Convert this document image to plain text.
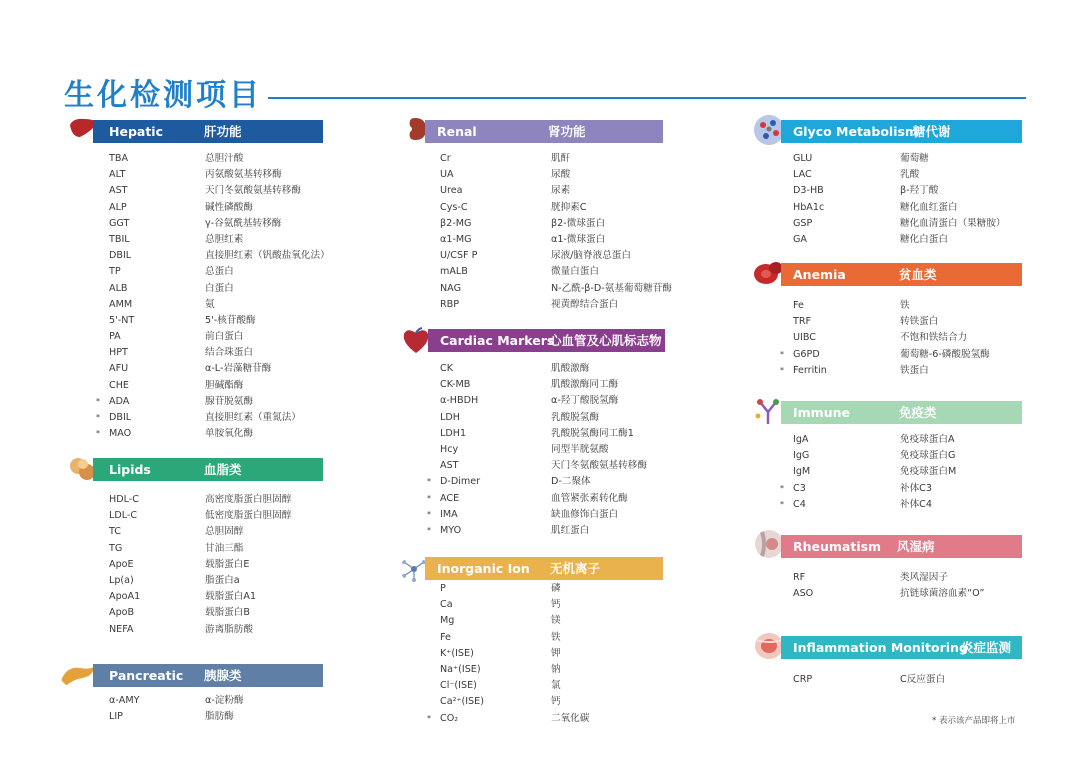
生化检测项目
Hepatic	肝功能
TBA	总胆汁酸
ALT	丙氨酸氨基转移酶
AST	天门冬氨酸氨基转移酶
ALP	碱性磷酸酶
GGT	γ-谷氨酰基转移酶
TBIL	总胆红素
DBIL	直接胆红素（钒酸盐氧化法）
TP	总蛋白
ALB	白蛋白
AMM	氨
5'-NT	5'-核苷酸酶
PA	前白蛋白
HPT	结合珠蛋白
AFU	α-L-岩藻糖苷酶
CHE	胆碱酯酶
* ADA	腺苷脱氨酶
* DBIL	直接胆红素（重氮法）
* MAO	单胺氧化酶
Lipids	血脂类
HDL-C	高密度脂蛋白胆固醇
LDL-C	低密度脂蛋白胆固醇
TC	总胆固醇
TG	甘油三酯
ApoE	载脂蛋白E
Lp(a)	脂蛋白a
ApoA1	载脂蛋白A1
ApoB	载脂蛋白B
NEFA	游离脂肪酸
Pancreatic 胰腺类
α-AMY	α-淀粉酶
LIP	脂肪酶
Renal	肾功能
Cr	肌酐
UA	尿酸
Urea	尿素
Cys-C	胱抑素C
β2-MG	β2-微球蛋白
α1-MG	α1-微球蛋白
U/CSF P	尿液/脑脊液总蛋白
mALB	微量白蛋白
NAG	N-乙酰-β-D-氨基葡萄糖苷酶
RBP	视黄醇结合蛋白
Cardiac Markers
心血管及心肌标志物
CK	肌酸激酶
CK-MB	肌酸激酶同工酶
α-HBDH	α-羟丁酸脱氢酶
LDH	乳酸脱氢酶
LDH1	乳酸脱氢酶同工酶1
Hcy	同型半胱氨酸
AST	天门冬氨酸氨基转移酶
* D-Dimer	D-二聚体
* ACE	血管紧张素转化酶
* IMA	缺血修饰白蛋白
* MYO	肌红蛋白
Inorganic Ion 无机离子
P	磷
Ca	钙
Mg	镁
Fe	铁
K⁺(ISE)	钾
Na⁺(ISE)	钠
Cl⁻(ISE)	氯
Ca²⁺(ISE)	钙
* CO₂	二氧化碳
Glyco Metabolism
糖代谢
GLU	葡萄糖
LAC	乳酸
D3-HB	β-羟丁酸
HbA1c	糖化血红蛋白
GSP	糖化血清蛋白（果糖胺）
GA	糖化白蛋白
Anemia	贫血类
Fe	铁
TRF	转铁蛋白
UIBC	不饱和铁结合力
* G6PD	葡萄糖-6-磷酸脱氢酶
* Ferritin	铁蛋白
Immune	免疫类
IgA	免疫球蛋白A
IgG	免疫球蛋白G
IgM	免疫球蛋白M
* C3	补体C3
* C4	补体C4
Rheumatism 风湿病
RF	类风湿因子
ASO	抗链球菌溶血素“O”
Inflammation Monitoring
炎症监测
CRP	C反应蛋白
* 表示该产品即将上市
